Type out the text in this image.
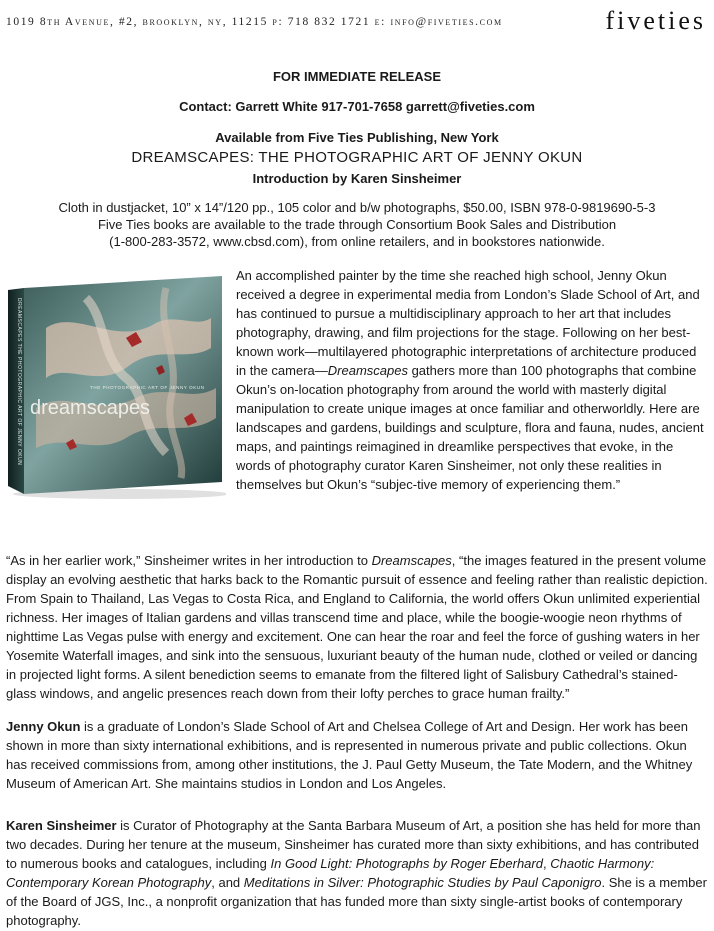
1019 8th Avenue, #2, brooklyn, ny, 11215 p: 718 832 1721 e: info@fiveties.com	fiveties
FOR IMMEDIATE RELEASE
Contact: Garrett White 917-701-7658 garrett@fiveties.com
Available from Five Ties Publishing, New York
DREAMSCAPES: THE PHOTOGRAPHIC ART OF JENNY OKUN
Introduction by Karen Sinsheimer
Cloth in dustjacket, 10” x 14”/120 pp., 105 color and b/w photographs, $50.00, ISBN 978-0-9819690-5-3
Five Ties books are available to the trade through Consortium Book Sales and Distribution
(1-800-283-3572, www.cbsd.com), from online retailers, and in bookstores nationwide.
THE PHOTOGRAPHIC ART OF JENNY OKUN
dreamscapes
DREAMSCAPES THE PHOTOGRAPHIC ART OF JENNY OKUN

An accomplished painter by the time she reached high school, Jenny Okun received a degree in experimental media from London’s Slade School of Art, and has continued to pursue a multidisciplinary approach to her art that includes photography, drawing, and film projections for the stage. Following on her best-known work—multilayered photographic interpretations of architecture produced in the camera—Dreamscapes gathers more than 100 photographs that combine Okun’s on-location photography from around the world with masterly digital manipulation to create unique images at once familiar and otherworldly. Here are landscapes and gardens, buildings and sculpture, flora and fauna, nudes, ancient maps, and paintings reimagined in dreamlike perspectives that evoke, in the words of photography curator Karen Sinsheimer, not only these realities in themselves but Okun’s “subjec-tive memory of experiencing them.”

“As in her earlier work,” Sinsheimer writes in her introduction to Dreamscapes, “the images featured in the present volume display an evolving aesthetic that harks back to the Romantic pursuit of essence and feeling rather than realistic depiction. From Spain to Thailand, Las Vegas to Costa Rica, and England to California, the world offers Okun unlimited experiential richness. Her images of Italian gardens and villas transcend time and place, while the boogie-woogie neon rhythms of nighttime Las Vegas pulse with energy and excitement. One can hear the roar and feel the force of gushing waters in her Yosemite Waterfall images, and sink into the sensuous, luxuriant beauty of the human nude, clothed or veiled or dancing in projected light forms. A silent benediction seems to emanate from the filtered light of Salisbury Cathedral’s stained-glass windows, and angelic presences reach down from their lofty perches to grace human frailty.”

Jenny Okun is a graduate of London’s Slade School of Art and Chelsea College of Art and Design. Her work has been shown in more than sixty international exhibitions, and is represented in numerous private and public collections. Okun has received commissions from, among other institutions, the J. Paul Getty Museum, the Tate Modern, and the Whitney Museum of American Art. She maintains studios in London and Los Angeles.

Karen Sinsheimer is Curator of Photography at the Santa Barbara Museum of Art, a position she has held for more than two decades. During her tenure at the museum, Sinsheimer has curated more than sixty exhibitions, and has contributed to numerous books and catalogues, including In Good Light: Photographs by Roger Eberhard, Chaotic Harmony: Contemporary Korean Photography, and Meditations in Silver: Photographic Studies by Paul Caponigro. She is a member of the Board of JGS, Inc., a nonprofit organization that has funded more than sixty single-artist books of contemporary photography.
